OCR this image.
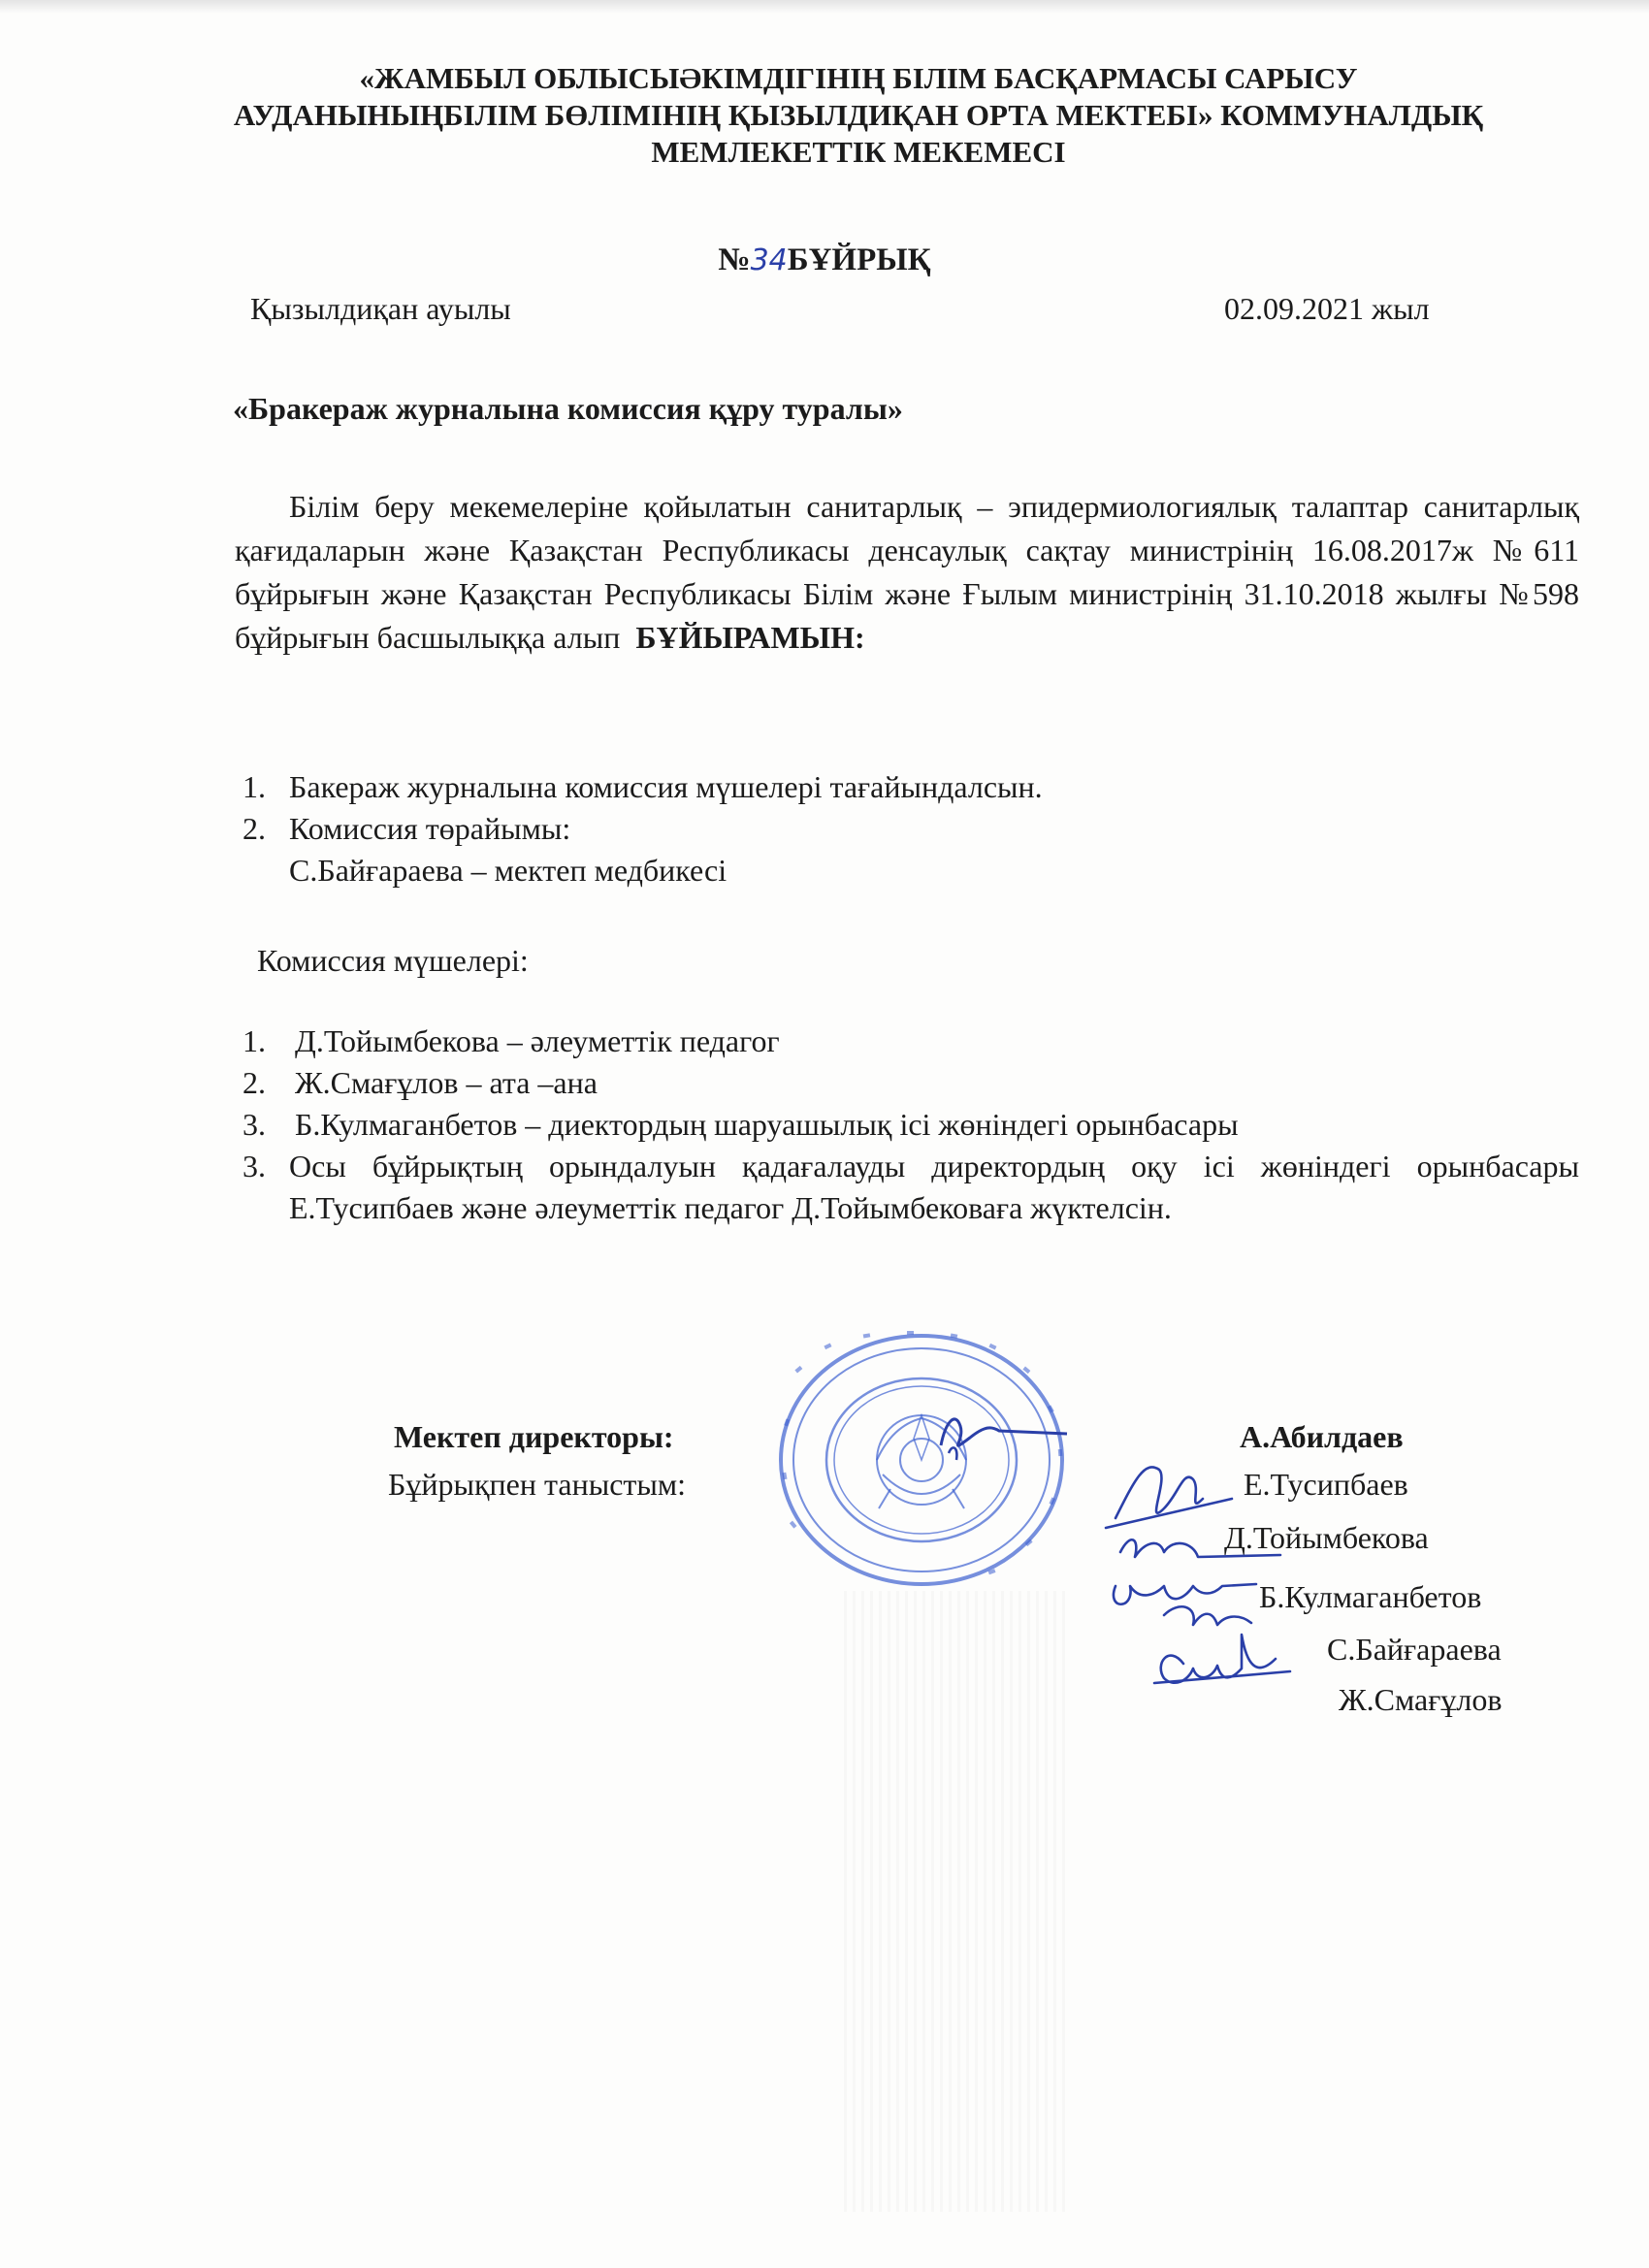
«ЖАМБЫЛ ОБЛЫСЫӘКІМДІГІНІҢ БІЛІМ БАСҚАРМАСЫ САРЫСУ
АУДАНЫНЫҢБІЛІМ БӨЛІМІНІҢ ҚЫЗЫЛДИҚАН ОРТА МЕКТЕБІ» КОММУНАЛДЫҚ
МЕМЛЕКЕТТІК МЕКЕМЕСІ
№34БҰЙРЫҚ
Қызылдиқан ауылы	02.09.2021 жыл
«Бракераж журналына комиссия құру туралы»
Білім беру мекемелеріне қойылатын санитарлық – эпидермиологиялық талаптар санитарлық қағидаларын және Қазақстан Республикасы денсаулық сақтау министрінің 16.08.2017ж №611 бұйрығын және Қазақстан Республикасы Білім және Ғылым министрінің 31.10.2018 жылғы №598 бұйрығын басшылыққа алып БҰЙЫРАМЫН:
1. Бакераж журналына комиссия мүшелері тағайындалсын.
2. Комиссия төрайымы:
С.Байғараева – мектеп медбикесі
Комиссия мүшелері:
1. Д.Тойымбекова – әлеуметтік педагог
2. Ж.Смағұлов – ата –ана
3. Б.Кулмаганбетов – диектордың шаруашылық ісі жөніндегі орынбасары
3. Осы бұйрықтың орындалуын қадағалауды директордың оқу ісі жөніндегі орынбасары Е.Тусипбаев және әлеуметтік педагог Д.Тойымбековаға жүктелсін.
Мектеп директоры:	А.Абилдаев
Бұйрықпен таныстым:	Е.Тусипбаев
Д.Тойымбекова
Б.Кулмаганбетов
С.Байғараева
Ж.Смағұлов
